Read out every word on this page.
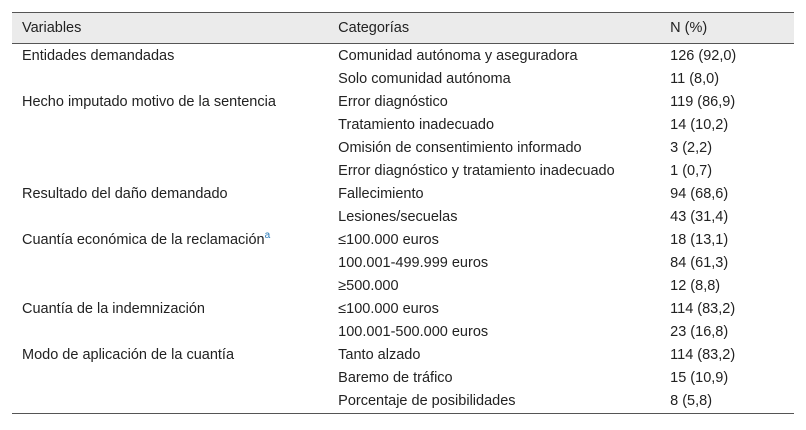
Variables	Categorías	N (%)
Entidades demandadas	Comunidad autónoma y aseguradora	126 (92,0)
	Solo comunidad autónoma	11 (8,0)
Hecho imputado motivo de la sentencia	Error diagnóstico	119 (86,9)
	Tratamiento inadecuado	14 (10,2)
	Omisión de consentimiento informado	3 (2,2)
	Error diagnóstico y tratamiento inadecuado	1 (0,7)
Resultado del daño demandado	Fallecimiento	94 (68,6)
	Lesiones/secuelas	43 (31,4)
Cuantía económica de la reclamación$^a$	≤100.000 euros	18 (13,1)
	100.001-499.999 euros	84 (61,3)
	≥500.000	12 (8,8)
Cuantía de la indemnización	≤100.000 euros	114 (83,2)
	100.001-500.000 euros	23 (16,8)
Modo de aplicación de la cuantía	Tanto alzado	114 (83,2)
	Baremo de tráfico	15 (10,9)
	Porcentaje de posibilidades	8 (5,8)
